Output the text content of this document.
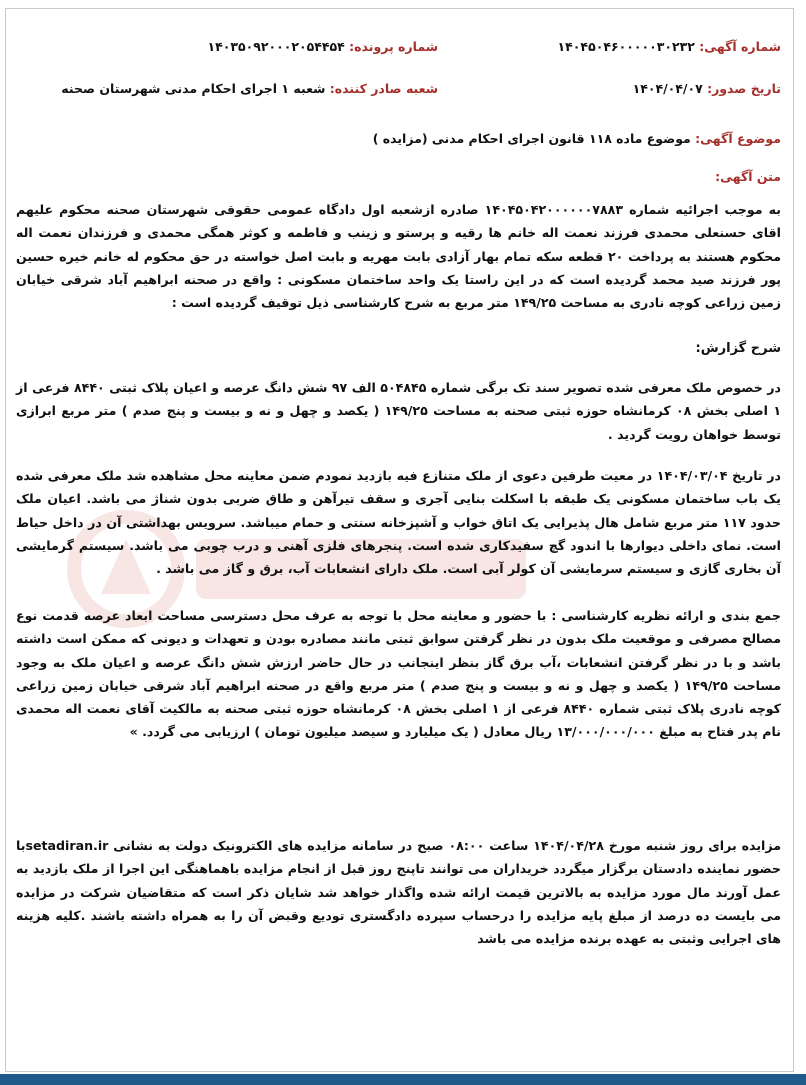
شماره آگهی: ۱۴۰۴۵۰۴۶۰۰۰۰۰۳۰۲۳۲
شماره پرونده: ۱۴۰۳۵۰۹۲۰۰۰۲۰۵۴۴۵۴
تاریخ صدور: ۱۴۰۴/۰۴/۰۷
شعبه صادر کننده: شعبه ۱ اجرای احکام مدنی شهرستان صحنه
موضوع آگهی: موضوع ماده ۱۱۸ قانون اجرای احکام مدنی (مزایده )
متن آگهی:
به موجب اجرائیه شماره ۱۴۰۴۵۰۴۲۰۰۰۰۰۰۷۸۸۳ صادره ازشعبه اول دادگاه عمومی حقوقی شهرستان صحنه محکوم علیهم اقای حسنعلی محمدی فرزند نعمت اله خانم ها رقیه و پرستو و زینب و فاطمه و کوثر همگی محمدی و فرزندان نعمت اله محکوم هستند به پرداخت ۲۰ قطعه سکه تمام بهار آزادی بابت مهریه و بابت اصل خواسته در حق محکوم له خانم خیره حسین پور فرزند صید محمد گردیده است که در این راستا یک واحد ساختمان مسکونی : واقع در صحنه ابراهیم آباد شرقی خیابان زمین زراعی کوچه نادری به مساحت ۱۴۹/۲۵ متر مربع به شرح کارشناسی ذیل توقیف گردیده است :
شرح گزارش:
در خصوص ملک معرفی شده تصویر سند تک برگی شماره ۵۰۴۸۴۵ الف ۹۷ شش دانگ عرصه و اعیان پلاک ثبتی ۸۴۴۰ فرعی از ۱ اصلی بخش ۰۸ کرمانشاه حوزه ثبتی صحنه به مساحت ۱۴۹/۲۵ ( یکصد و چهل و نه و بیست و پنج صدم ) متر مربع ابرازی توسط خواهان رویت گردید .
در تاریخ ۱۴۰۴/۰۳/۰۴ در معیت طرفین دعوی از ملک متنازع فیه بازدید نمودم ضمن معاینه محل مشاهده شد ملک معرفی شده یک باب ساختمان مسکونی یک طبقه با اسکلت بنایی آجری و سقف تیرآهن و طاق ضربی بدون شناژ می باشد. اعیان ملک حدود ۱۱۷ متر مربع شامل هال پذیرایی یک اتاق خواب و آشپزخانه سنتی و حمام میباشد. سرویس بهداشتی آن در داخل حیاط است. نمای داخلی دیوارها با اندود گچ سفیدکاری شده است. پنجرهای فلزی آهنی و درب چوبی می باشد. سیستم گرمایشی آن بخاری گازی و سیستم سرمایشی آن کولر آبی است. ملک دارای انشعابات آب، برق و گاز می باشد .
جمع بندی و ارائه نظریه کارشناسی : با حضور و معاینه محل با توجه به عرف محل دسترسی مساحت ابعاد عرصه قدمت نوع مصالح مصرفی و موقعیت ملک بدون در نظر گرفتن سوابق ثبتی مانند مصادره بودن و تعهدات و دیونی که ممکن است داشته باشد و با در نظر گرفتن انشعابات ،آب برق گاز بنظر اینجانب در حال حاضر ارزش شش دانگ عرصه و اعیان ملک به وجود مساحت ۱۴۹/۲۵ ( یکصد و چهل و نه و بیست و پنج صدم ) متر مربع واقع در صحنه ابراهیم آباد شرقی خیابان زمین زراعی کوچه نادری پلاک ثبتی شماره ۸۴۴۰ فرعی از ۱ اصلی بخش ۰۸ کرمانشاه حوزه ثبتی صحنه به مالکیت آقای نعمت اله محمدی نام پدر فتاح به مبلغ ۱۳/۰۰۰/۰۰۰/۰۰۰ ریال معادل ( یک میلیارد و سیصد میلیون تومان ) ارزیابی می گردد. »
مزایده برای روز شنبه مورخ ۱۴۰۴/۰۴/۲۸ ساعت ۰۸:۰۰ صبح در سامانه مزایده های الکترونیک دولت به نشانی setadiran.irبا حضور نماینده دادستان برگزار میگردد خریداران می توانند تاپنج روز قبل از انجام مزایده باهماهنگی این اجرا از ملک بازدید به عمل آورند مال مورد مزایده به بالاترین قیمت ارائه شده واگذار خواهد شد شایان ذکر است که متقاضیان شرکت در مزایده می بایست ده درصد از مبلغ پایه مزایده را درحساب سپرده دادگستری تودیع وقبض آن را به همراه داشته باشند .کلیه هزینه های اجرایی وثبتی به عهده برنده مزایده می باشد
